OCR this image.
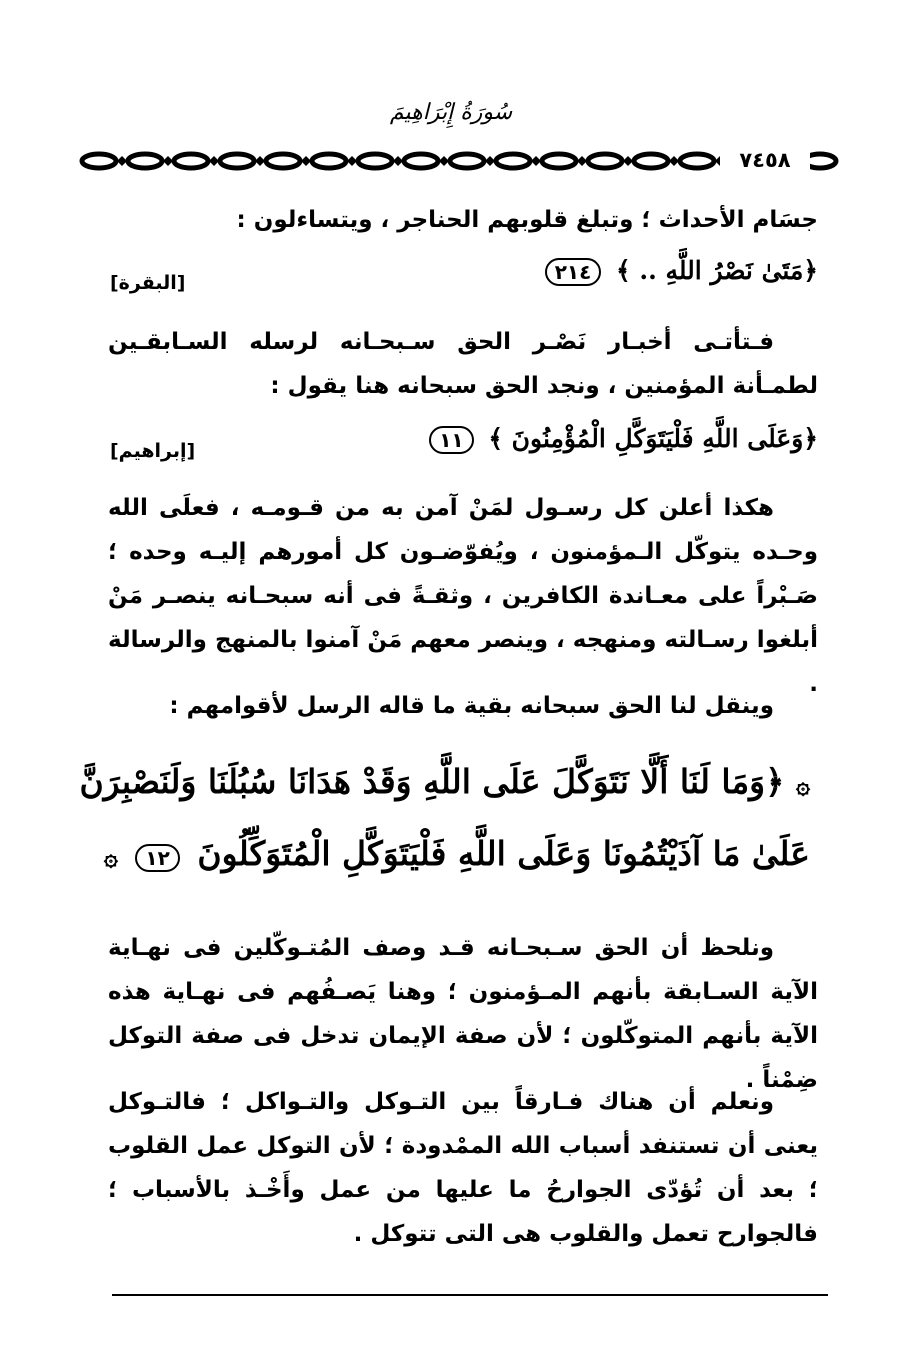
سُورَةُ إِبْرَاهِيمَ
٧٤٥٨
جسَام الأحداث ؛ وتبلغ قلوبهم الحناجر ، ويتساءلون :
﴿مَتَىٰ نَصْرُ اللَّهِ .. ﴾ ٢١٤
[البقرة]
فـتأتـى أخبـار نَصْـر الحق سـبحـانه لرسله السـابقـين لطمـأنة المؤمنين ، ونجد الحق سبحانه هنا يقول :
﴿وَعَلَى اللَّهِ فَلْيَتَوَكَّلِ الْمُؤْمِنُونَ ﴾ ١١
[إبراهيم]
هكذا أعلن كل رسـول لمَنْ آمن به من قـومـه ، فعلَى الله وحـده يتوكّل الـمؤمنون ، ويُفوّضـون كل أمورهم إليـه وحده ؛ صَـبْراً على معـاندة الكافرين ، وثقـةً فى أنه سبحـانه ينصـر مَنْ أبلغوا رسـالته ومنهجه ، وينصر معهم مَنْ آمنوا بالمنهج والرسالة .
وينقل لنا الحق سبحانه بقية ما قاله الرسل لأقوامهم :
۞ ﴿وَمَا لَنَا أَلَّا نَتَوَكَّلَ عَلَى اللَّهِ وَقَدْ هَدَانَا سُبُلَنَا وَلَنَصْبِرَنَّ
عَلَىٰ مَا آذَيْتُمُونَا وَعَلَى اللَّهِ فَلْيَتَوَكَّلِ الْمُتَوَكِّلُونَ ١٢ ۞
ونلحظ أن الحق سـبحـانه قـد وصف المُتـوكّلين فى نهـاية الآية السـابقة بأنهم المـؤمنون ؛ وهنا يَصـفُهم فى نهـاية هذه الآية بأنهم المتوكّلون ؛ لأن صفة الإيمان تدخل فى صفة التوكل ضِمْناً .
ونعلم أن هناك فـارقاً بين التـوكل والتـواكل ؛ فالتـوكل يعنى أن تستنفد أسباب الله الممْدودة ؛ لأن التوكل عمل القلوب ؛ بعد أن تُؤدّى الجوارحُ ما عليها من عمل وأَخْـذ بالأسباب ؛ فالجوارح تعمل والقلوب هى التى تتوكل .
